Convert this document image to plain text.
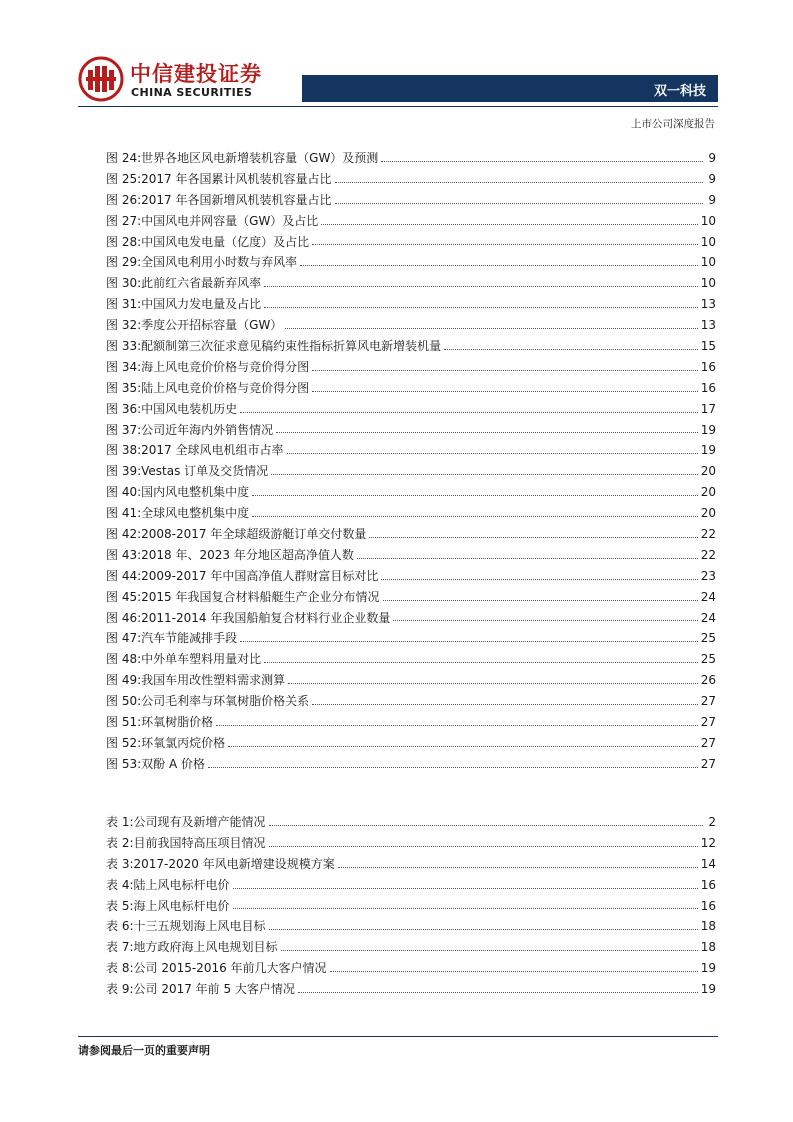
中信建投证券
CHINA SECURITIES	双一科技
上市公司深度报告
图 24: 世界各地区风电新增装机容量（GW）及预测	9
图 25: 2017 年各国累计风机装机容量占比	9
图 26: 2017 年各国新增风机装机容量占比	9
图 27: 中国风电并网容量（GW）及占比	10
图 28: 中国风电发电量（亿度）及占比	10
图 29: 全国风电利用小时数与弃风率	10
图 30: 此前红六省最新弃风率	10
图 31: 中国风力发电量及占比	13
图 32: 季度公开招标容量（GW）	13
图 33: 配额制第三次征求意见稿约束性指标折算风电新增装机量	15
图 34: 海上风电竞价价格与竞价得分图	16
图 35: 陆上风电竞价价格与竞价得分图	16
图 36: 中国风电装机历史	17
图 37: 公司近年海内外销售情况	19
图 38: 2017 全球风电机组市占率	19
图 39: Vestas 订单及交货情况	20
图 40: 国内风电整机集中度	20
图 41: 全球风电整机集中度	20
图 42: 2008-2017 年全球超级游艇订单交付数量	22
图 43: 2018 年、2023 年分地区超高净值人数	22
图 44: 2009-2017 年中国高净值人群财富目标对比	23
图 45: 2015 年我国复合材料船艇生产企业分布情况	24
图 46: 2011-2014 年我国船舶复合材料行业企业数量	24
图 47: 汽车节能减排手段	25
图 48: 中外单车塑料用量对比	25
图 49: 我国车用改性塑料需求测算	26
图 50: 公司毛利率与环氧树脂价格关系	27
图 51: 环氧树脂价格	27
图 52: 环氧氯丙烷价格	27
图 53: 双酚 A 价格	27
表 1: 公司现有及新增产能情况	2
表 2: 目前我国特高压项目情况	12
表 3: 2017-2020 年风电新增建设规模方案	14
表 4: 陆上风电标杆电价	16
表 5: 海上风电标杆电价	16
表 6: 十三五规划海上风电目标	18
表 7: 地方政府海上风电规划目标	18
表 8: 公司 2015-2016 年前几大客户情况	19
表 9: 公司 2017 年前 5 大客户情况	19
请参阅最后一页的重要声明
